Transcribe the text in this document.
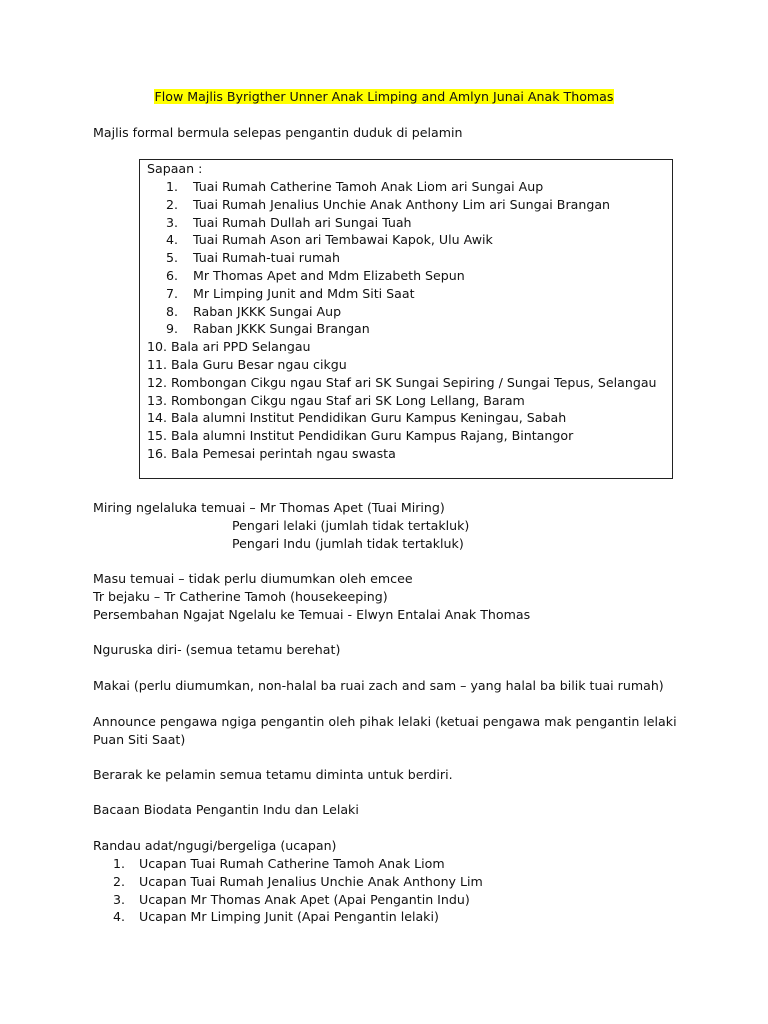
Flow Majlis Byrigther Unner Anak Limping and Amlyn Junai Anak Thomas
Majlis formal bermula selepas pengantin duduk di pelamin
Sapaan :
1. Tuai Rumah Catherine Tamoh Anak Liom ari Sungai Aup
2. Tuai Rumah Jenalius Unchie Anak Anthony Lim ari Sungai Brangan
3. Tuai Rumah Dullah ari Sungai Tuah
4. Tuai Rumah Ason ari Tembawai Kapok, Ulu Awik
5. Tuai Rumah-tuai rumah
6. Mr Thomas Apet and Mdm Elizabeth Sepun
7. Mr Limping Junit and Mdm Siti Saat
8. Raban JKKK Sungai Aup
9. Raban JKKK Sungai Brangan
10. Bala ari PPD Selangau
11. Bala Guru Besar ngau cikgu
12. Rombongan Cikgu ngau Staf ari SK Sungai Sepiring / Sungai Tepus, Selangau
13. Rombongan Cikgu ngau Staf ari SK Long Lellang, Baram
14. Bala alumni Institut Pendidikan Guru Kampus Keningau, Sabah
15. Bala alumni Institut Pendidikan Guru Kampus Rajang, Bintangor
16. Bala Pemesai perintah ngau swasta
Miring ngelaluka temuai – Mr Thomas Apet (Tuai Miring)
Pengari lelaki (jumlah tidak tertakluk)
Pengari Indu (jumlah tidak tertakluk)
Masu temuai – tidak perlu diumumkan oleh emcee
Tr bejaku – Tr Catherine Tamoh (housekeeping)
Persembahan Ngajat Ngelalu ke Temuai - Elwyn Entalai Anak Thomas
Nguruska diri- (semua tetamu berehat)
Makai (perlu diumumkan, non-halal ba ruai zach and sam – yang halal ba bilik tuai rumah)
Announce pengawa ngiga pengantin oleh pihak lelaki (ketuai pengawa mak pengantin lelaki
Puan Siti Saat)
Berarak ke pelamin semua tetamu diminta untuk berdiri.
Bacaan Biodata Pengantin Indu dan Lelaki
Randau adat/ngugi/bergeliga (ucapan)
1. Ucapan Tuai Rumah Catherine Tamoh Anak Liom
2. Ucapan Tuai Rumah Jenalius Unchie Anak Anthony Lim
3. Ucapan Mr Thomas Anak Apet (Apai Pengantin Indu)
4. Ucapan Mr Limping Junit (Apai Pengantin lelaki)
